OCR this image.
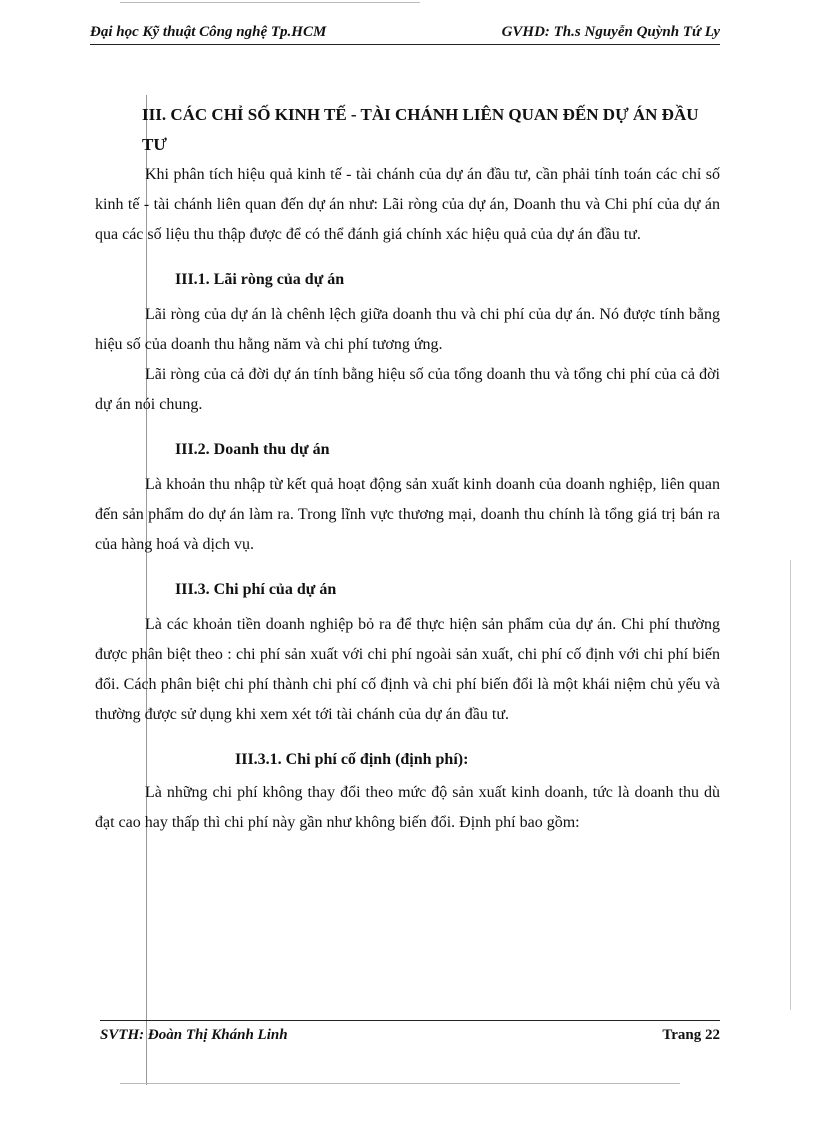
Đại học Kỹ thuật Công nghệ Tp.HCM	GVHD: Th.s Nguyễn Quỳnh Tứ Ly
III. CÁC CHỈ SỐ KINH TẾ - TÀI CHÁNH LIÊN QUAN ĐẾN DỰ ÁN ĐẦU TƯ

Khi phân tích hiệu quả kinh tế - tài chánh của dự án đầu tư, cần phải tính toán các chỉ số kinh tế - tài chánh liên quan đến dự án như: Lãi ròng của dự án, Doanh thu và Chi phí của dự án qua các số liệu thu thập được để có thể đánh giá chính xác hiệu quả của dự án đầu tư.

III.1. Lãi ròng của dự án

Lãi ròng của dự án là chênh lệch giữa doanh thu và chi phí của dự án. Nó được tính bằng hiệu số của doanh thu hằng năm và chi phí tương ứng.

Lãi ròng của cả đời dự án tính bằng hiệu số của tổng doanh thu và tổng chi phí của cả đời dự án nói chung.

III.2. Doanh thu dự án

Là khoản thu nhập từ kết quả hoạt động sản xuất kinh doanh của doanh nghiệp, liên quan đến sản phẩm do dự án làm ra. Trong lĩnh vực thương mại, doanh thu chính là tổng giá trị bán ra của hàng hoá và dịch vụ.

III.3. Chi phí của dự án

Là các khoản tiền doanh nghiệp bỏ ra để thực hiện sản phẩm của dự án. Chi phí thường được phân biệt theo : chi phí sản xuất với chi phí ngoài sản xuất, chi phí cố định với chi phí biến đổi. Cách phân biệt chi phí thành chi phí cố định và chi phí biến đổi là một khái niệm chủ yếu và thường được sử dụng khi xem xét tới tài chánh của dự án đầu tư.

III.3.1. Chi phí cố định (định phí):

Là những chi phí không thay đổi theo mức độ sản xuất kinh doanh, tức là doanh thu dù đạt cao hay thấp thì chi phí này gần như không biến đổi. Định phí bao gồm:

SVTH: Đoàn Thị Khánh Linh	Trang 22
